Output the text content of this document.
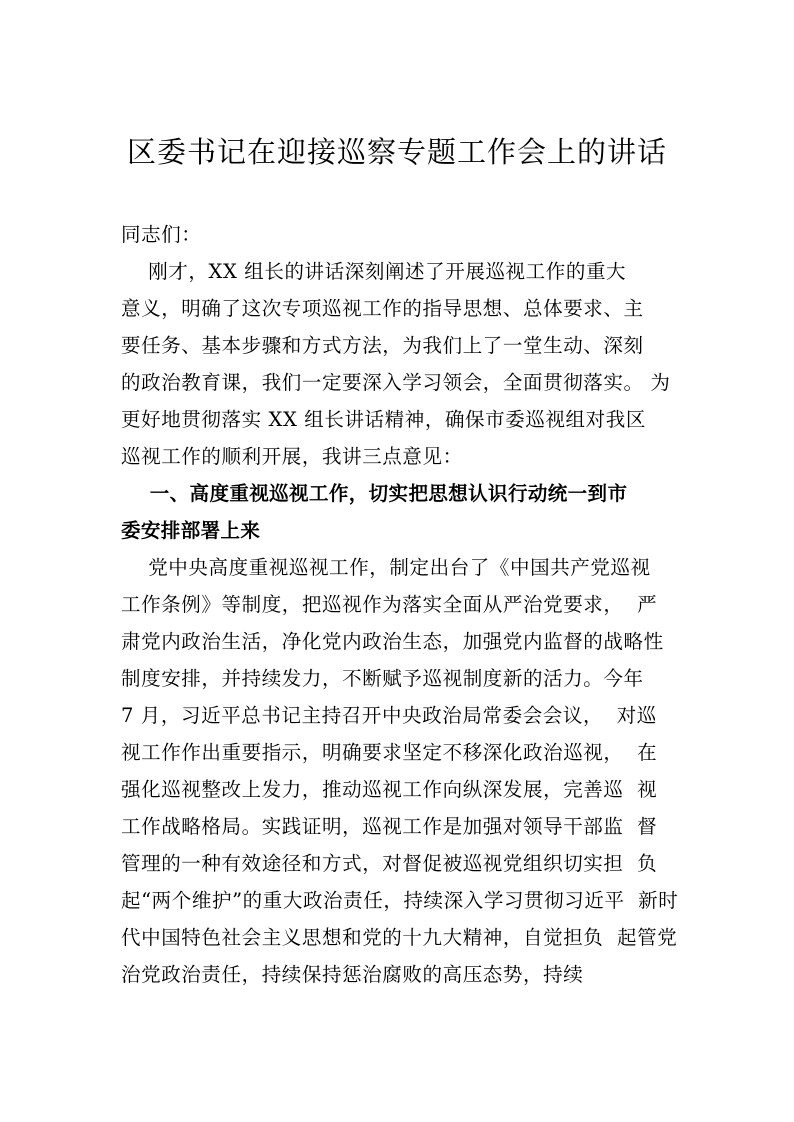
区委书记在迎接巡察专题工作会上的讲话
同志们：
刚才，XX 组长的讲话深刻阐述了开展巡视工作的重大
意义，明确了这次专项巡视工作的指导思想、总体要求、主
要任务、基本步骤和方式方法，为我们上了一堂生动、深刻
的政治教育课，我们一定要深入学习领会，全面贯彻落实。 为
更好地贯彻落实 XX 组长讲话精神，确保市委巡视组对我区
巡视工作的顺利开展，我讲三点意见：
一、高度重视巡视工作，切实把思想认识行动统一到市
委安排部署上来
党中央高度重视巡视工作，制定出台了《中国共产党巡视
工作条例》等制度，把巡视作为落实全面从严治党要求，  严
肃党内政治生活，净化党内政治生态，加强党内监督的战略性
制度安排，并持续发力，不断赋予巡视制度新的活力。今年
7 月，习近平总书记主持召开中央政治局常委会会议，  对巡
视工作作出重要指示，明确要求坚定不移深化政治巡视，  在
强化巡视整改上发力，推动巡视工作向纵深发展，完善巡  视
工作战略格局。实践证明，巡视工作是加强对领导干部监  督
管理的一种有效途径和方式，对督促被巡视党组织切实担  负
起“两个维护”的重大政治责任，持续深入学习贯彻习近平  新时
代中国特色社会主义思想和党的十九大精神，自觉担负  起管党
治党政治责任，持续保持惩治腐败的高压态势，持续
